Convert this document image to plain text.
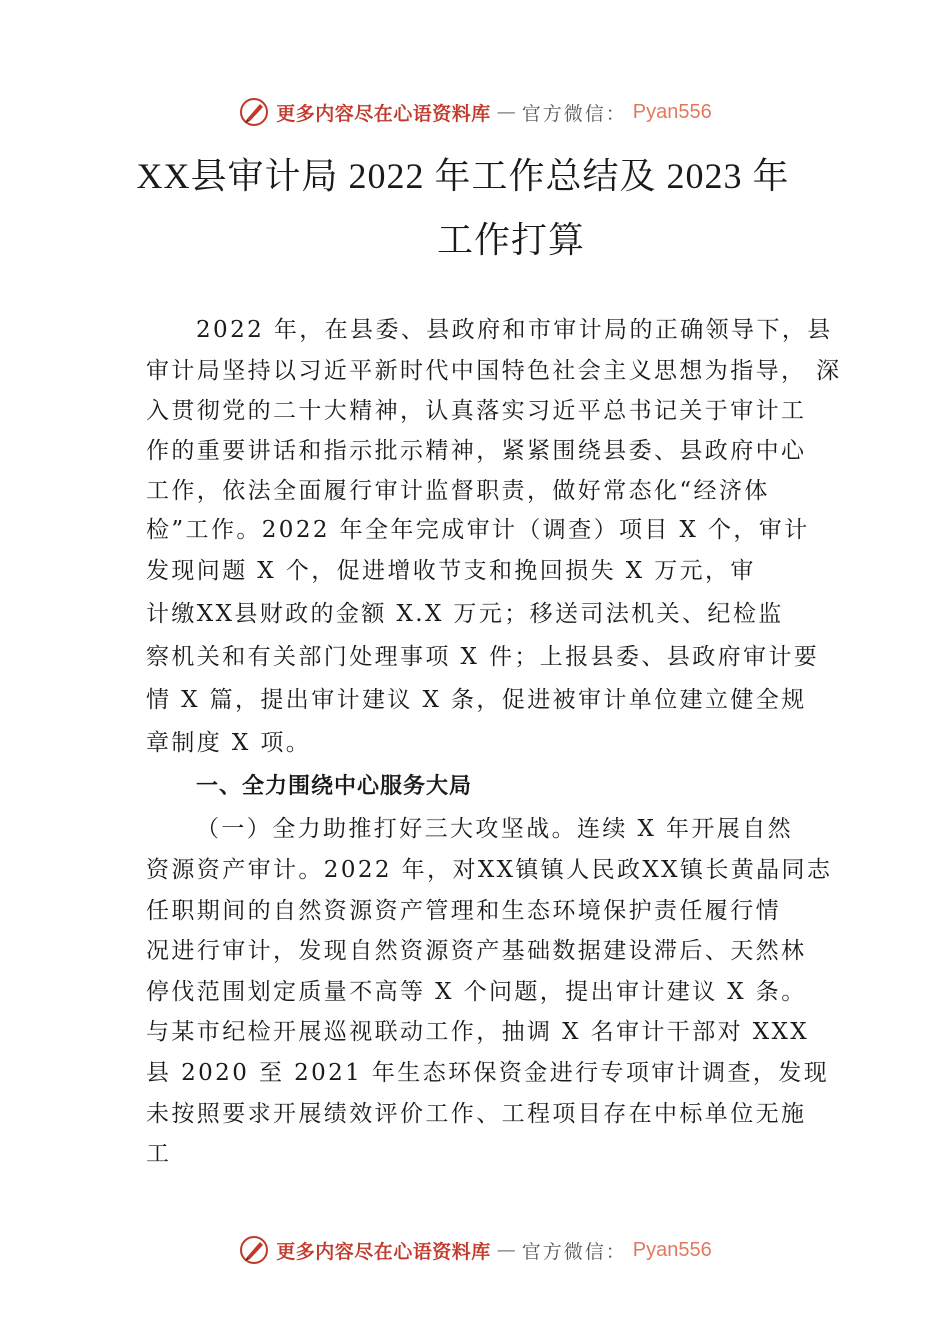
更多内容尽在心语资料库 — 官方微信： Pyan556
XX县审计局 2022 年工作总结及 2023 年
工作打算
2022 年，在县委、县政府和市审计局的正确领导下，县
审计局坚持以习近平新时代中国特色社会主义思想为指导， 深
入贯彻党的二十大精神，认真落实习近平总书记关于审计工
作的重要讲话和指示批示精神，紧紧围绕县委、县政府中心
工作，依法全面履行审计监督职责，做好常态化“经济体
检”工作。2022 年全年完成审计（调查）项目 X 个，审计
发现问题 X 个，促进增收节支和挽回损失 X 万元，审
计缴XX县财政的金额 X.X 万元；移送司法机关、纪检监
察机关和有关部门处理事项 X 件；上报县委、县政府审计要
情 X 篇，提出审计建议 X 条，促进被审计单位建立健全规
章制度 X 项。
一、全力围绕中心服务大局
（一）全力助推打好三大攻坚战。连续 X 年开展自然
资源资产审计。2022 年，对XX镇镇人民政XX镇长黄晶同志
任职期间的自然资源资产管理和生态环境保护责任履行情
况进行审计，发现自然资源资产基础数据建设滞后、天然林
停伐范围划定质量不高等 X 个问题，提出审计建议 X 条。
与某市纪检开展巡视联动工作，抽调 X 名审计干部对 XXX
县 2020 至 2021 年生态环保资金进行专项审计调查，发现
未按照要求开展绩效评价工作、工程项目存在中标单位无施
工
更多内容尽在心语资料库 — 官方微信： Pyan556
